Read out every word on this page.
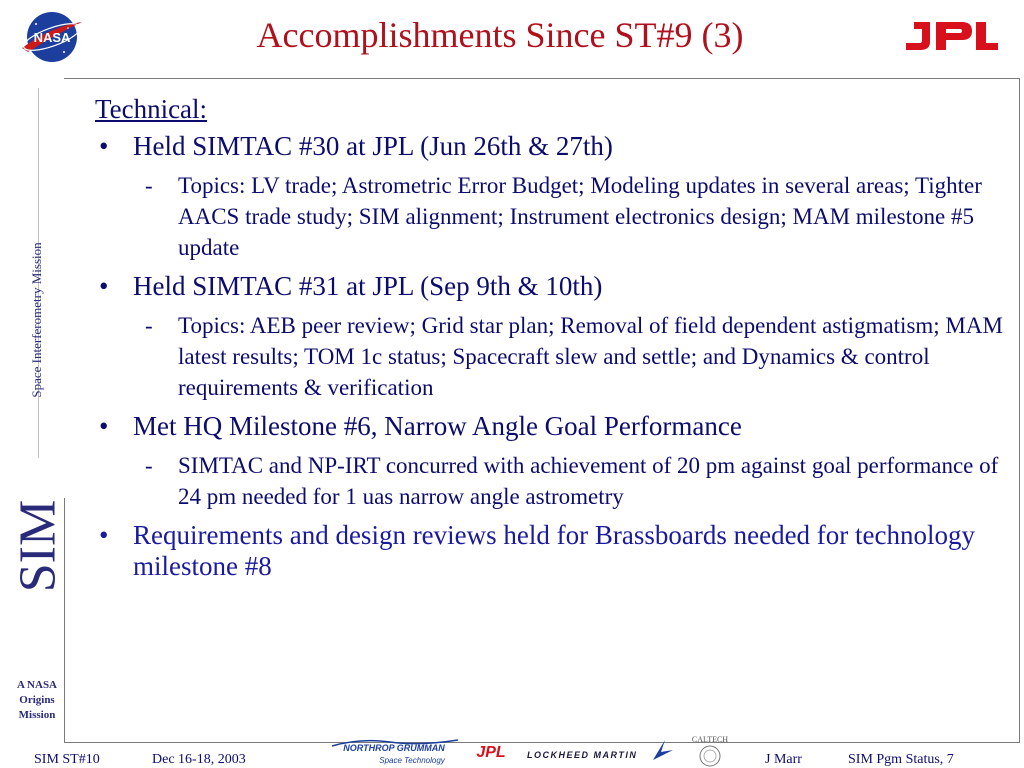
NASA	Accomplishments Since ST#9 (3)
Space Interferometry Mission
SIM
A NASA
Origins
Mission
Technical:
• Held SIMTAC #30 at JPL (Jun 26th & 27th)
- Topics: LV trade; Astrometric Error Budget; Modeling updates in several areas; Tighter AACS trade study; SIM alignment; Instrument electronics design; MAM milestone #5 update
• Held SIMTAC #31 at JPL (Sep 9th & 10th)
- Topics: AEB peer review; Grid star plan; Removal of field dependent astigmatism; MAM latest results; TOM 1c status; Spacecraft slew and settle; and Dynamics & control requirements & verification
• Met HQ Milestone #6, Narrow Angle Goal Performance
- SIMTAC and NP-IRT concurred with achievement of 20 pm against goal performance of 24 pm needed for 1 uas narrow angle astrometry
• Requirements and design reviews held for Brassboards needed for technology milestone #8
NORTHROP GRUMMAN
Space Technology JPL LOCKHEED MARTIN
CALTECH
SIM ST#10	Dec 16-18, 2003	J Marr	SIM Pgm Status, 7
